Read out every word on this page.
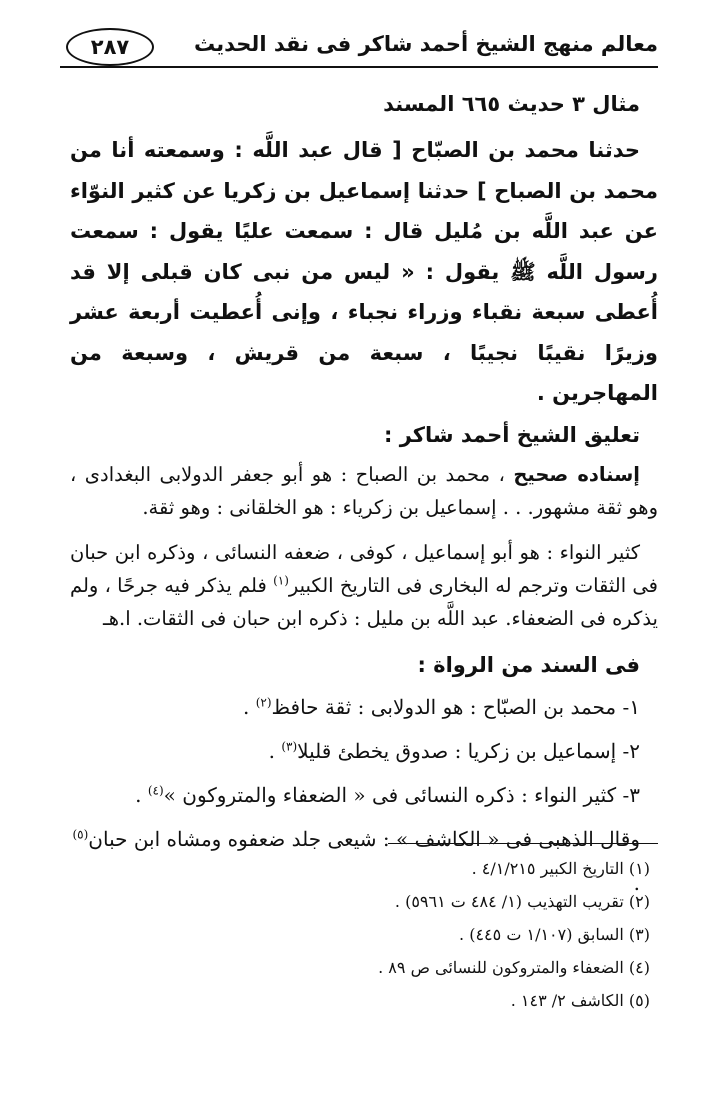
معالم منهج الشيخ أحمد شاكر فى نقد الحديث
٢٨٧

مثال ٣ حديث ٦٦٥ المسند

حدثنا محمد بن الصبّاح [ قال عبد اللَّه : وسمعته أنا من محمد بن الصباح ] حدثنا إسماعيل بن زكريا عن كثير النوّاء عن عبد اللَّه بن مُليل قال : سمعت عليًا يقول : سمعت رسول اللَّه ﷺ يقول : « ليس من نبى كان قبلى إلا قد أُعطى سبعة نقباء وزراء نجباء ، وإنى أُعطيت أربعة عشر وزيرًا نقيبًا نجيبًا ، سبعة من قريش ، وسبعة من المهاجرين .

تعليق الشيخ أحمد شاكر :

إسناده صحيح ، محمد بن الصباح : هو أبو جعفر الدولابى البغدادى ، وهو ثقة مشهور. . . إسماعيل بن زكرياء : هو الخلقانى : وهو ثقة.

كثير النواء : هو أبو إسماعيل ، كوفى ، ضعفه النسائى ، وذكره ابن حبان فى الثقات وترجم له البخارى فى التاريخ الكبير$^{(١)}$ فلم يذكر فيه جرحًا ، ولم يذكره فى الضعفاء. عبد اللَّه بن مليل : ذكره ابن حبان فى الثقات. ا.هـ

فى السند من الرواة :

١- محمد بن الصبّاح : هو الدولابى : ثقة حافظ$^{(٢)}$ .

٢- إسماعيل بن زكريا : صدوق يخطئ قليلا$^{(٣)}$ .

٣- كثير النواء : ذكره النسائى فى « الضعفاء والمتروكون »$^{(٤)}$ .

وقال الذهبى فى « الكاشف » : شيعى جلد ضعفوه ومشاه ابن حبان$^{(٥)}$ .

(١) التاريخ الكبير ٤/١/٢١٥ .

(٢) تقريب التهذيب (١/ ٤٨٤ ت ٥٩٦١) .

(٣) السابق (١/١٠٧ ت ٤٤٥) .

(٤) الضعفاء والمتروكون للنسائى ص ٨٩ .

(٥) الكاشف ٢/ ١٤٣ .
